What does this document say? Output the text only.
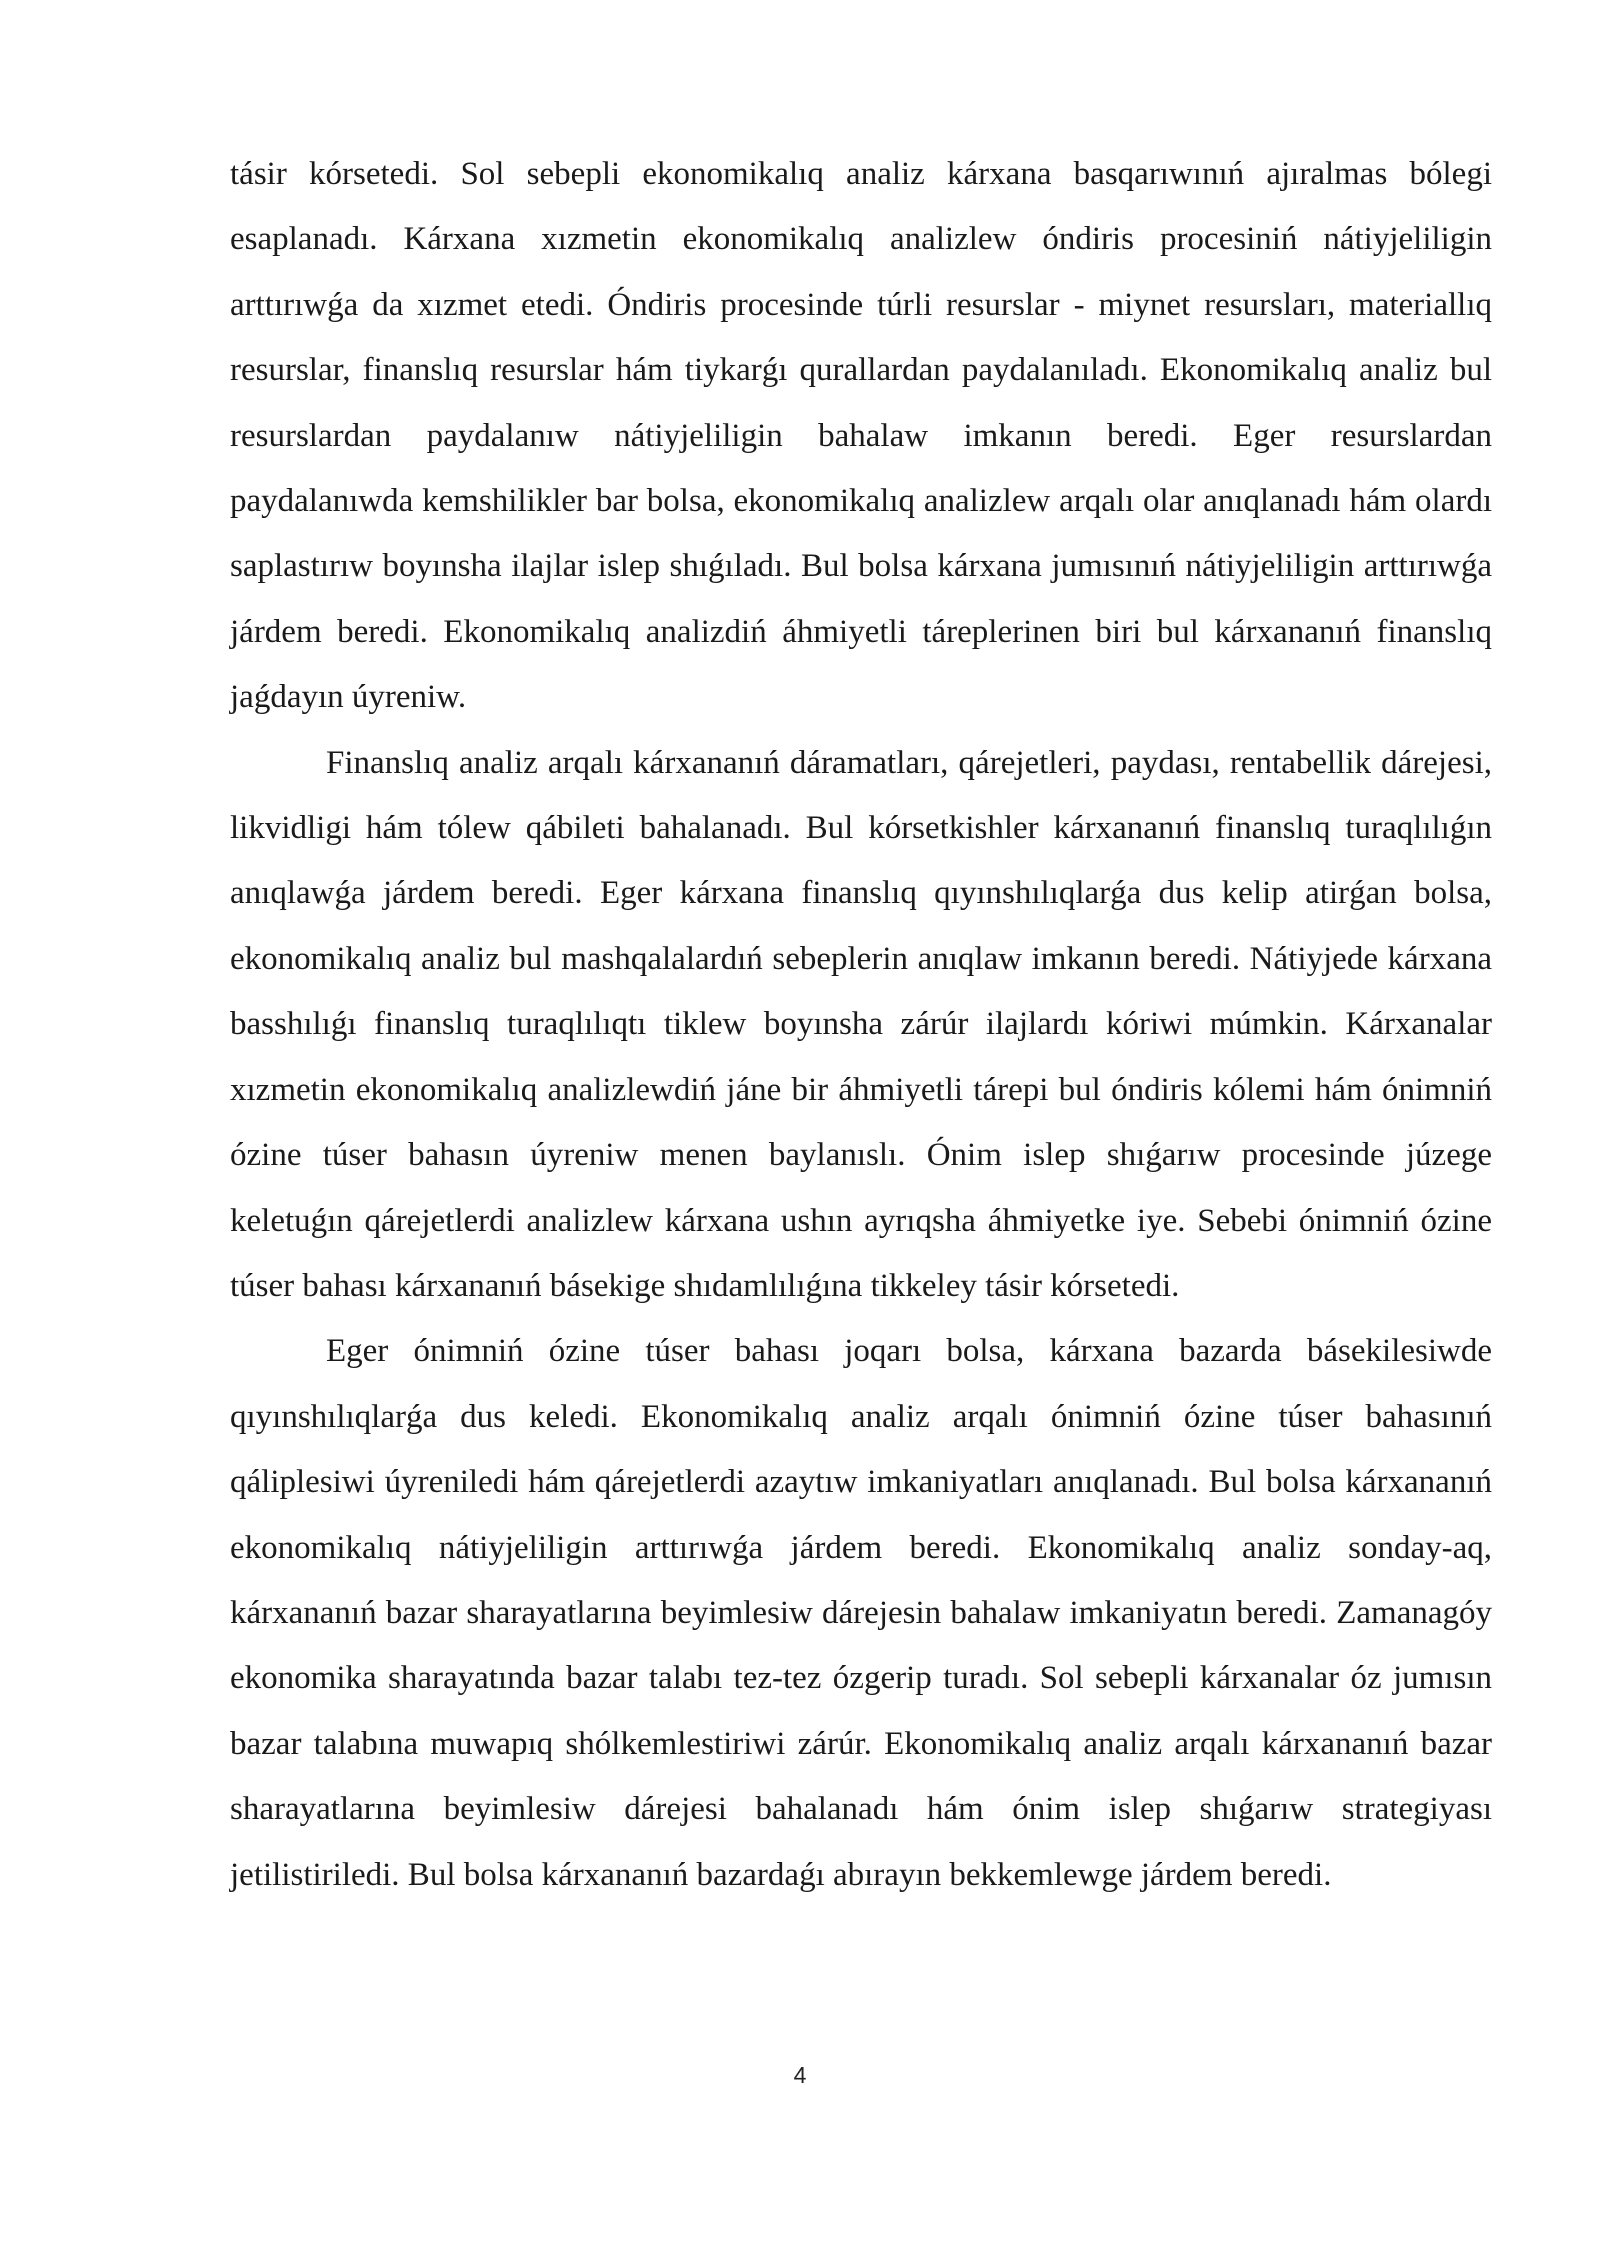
tásir kórsetedi. Sol sebepli ekonomikalıq analiz kárxana basqarıwınıń ajıralmas bólegi esaplanadı. Kárxana xızmetin ekonomikalıq analizlew óndiris procesiniń nátiyjeliligin arttırıwǵa da xızmet etedi. Óndiris procesinde túrli resurslar - miynet resursları, materiallıq resurslar, finanslıq resurslar hám tiykarǵı qurallardan paydalanıladı. Ekonomikalıq analiz bul resurslardan paydalanıw nátiyjeliligin bahalaw imkanın beredi. Eger resurslardan paydalanıwda kemshilikler bar bolsa, ekonomikalıq analizlew arqalı olar anıqlanadı hám olardı saplastırıw boyınsha ilajlar islep shıǵıladı. Bul bolsa kárxana jumısınıń nátiyjeliligin arttırıwǵa járdem beredi. Ekonomikalıq analizdiń áhmiyetli táreplerinen biri bul kárxananıń finanslıq jaǵdayın úyreniw.

Finanslıq analiz arqalı kárxananıń dáramatları, qárejetleri, paydası, rentabellik dárejesi, likvidligi hám tólew qábileti bahalanadı. Bul kórsetkishler kárxananıń finanslıq turaqlılıǵın anıqlawǵa járdem beredi. Eger kárxana finanslıq qıyınshılıqlarǵa dus kelip atirǵan bolsa, ekonomikalıq analiz bul mashqalalardıń sebeplerin anıqlaw imkanın beredi. Nátiyjede kárxana basshılıǵı finanslıq turaqlılıqtı tiklew boyınsha zárúr ilajlardı kóriwi múmkin. Kárxanalar xızmetin ekonomikalıq analizlewdiń jáne bir áhmiyetli tárepi bul óndiris kólemi hám ónimniń ózine túser bahasın úyreniw menen baylanıslı. Ónim islep shıǵarıw procesinde júzege keletuǵın qárejetlerdi analizlew kárxana ushın ayrıqsha áhmiyetke iye. Sebebi ónimniń ózine túser bahası kárxananıń básekige shıdamlılıǵına tikkeley tásir kórsetedi.

Eger ónimniń ózine túser bahası joqarı bolsa, kárxana bazarda básekilesiwde qıyınshılıqlarǵa dus keledi. Ekonomikalıq analiz arqalı ónimniń ózine túser bahasınıń qáliplesiwi úyreniledi hám qárejetlerdi azaytıw imkaniyatları anıqlanadı. Bul bolsa kárxananıń ekonomikalıq nátiyjeliligin arttırıwǵa járdem beredi. Ekonomikalıq analiz sonday-aq, kárxananıń bazar sharayatlarına beyimlesiw dárejesin bahalaw imkaniyatın beredi. Zamanagóy ekonomika sharayatında bazar talabı tez-tez ózgerip turadı. Sol sebepli kárxanalar óz jumısın bazar talabına muwapıq shólkemlestiriwi zárúr. Ekonomikalıq analiz arqalı kárxananıń bazar sharayatlarına beyimlesiw dárejesi bahalanadı hám ónim islep shıǵarıw strategiyası jetilistiriledi. Bul bolsa kárxananıń bazardaǵı abırayın bekkemlewge járdem beredi.

4
